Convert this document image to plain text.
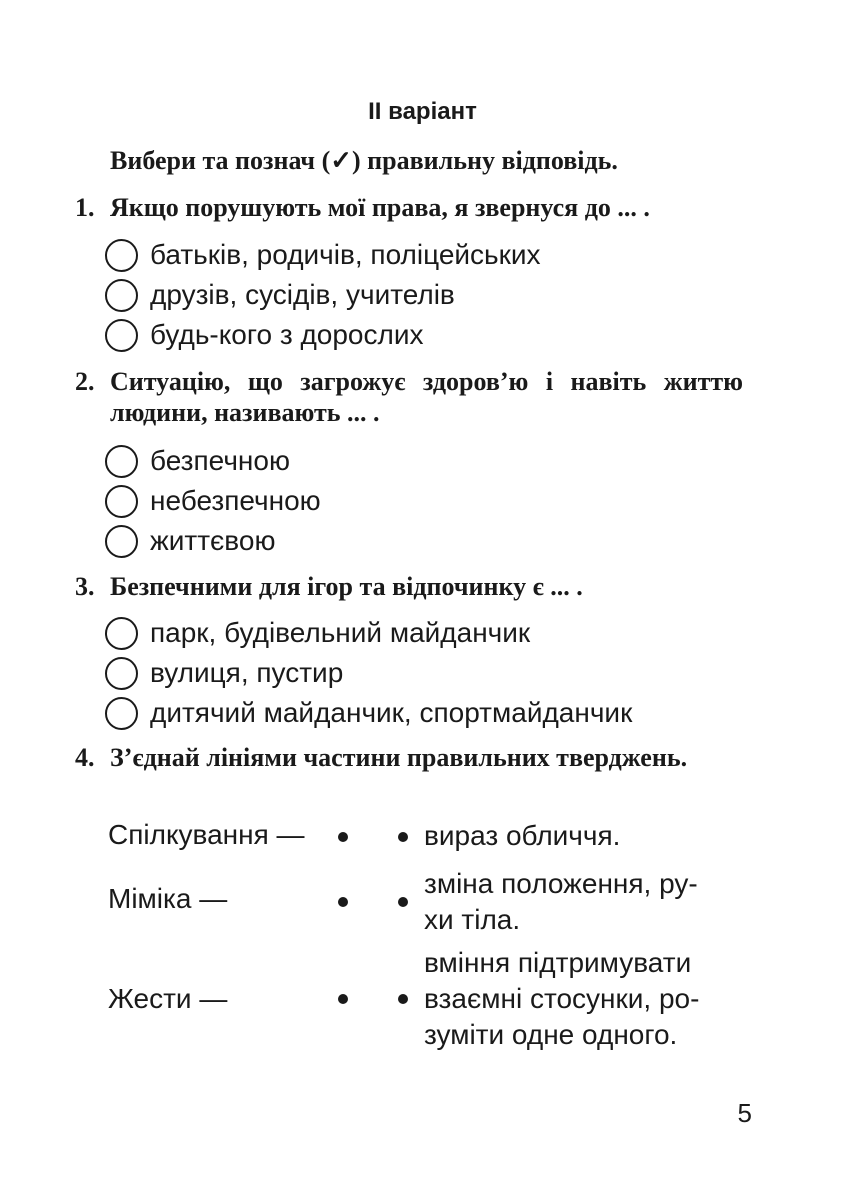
II варіант

Вибери та познач (✓) правильну відповідь.

1. Якщо порушують мої права, я звернуся до ... .
батьків, родичів, поліцейських
друзів, сусідів, учителів
будь-кого з дорослих
2. Ситуацію, що загрожує здоров’ю і навіть життю людини, називають ... .
безпечною
небезпечною
життєвою
3. Безпечними для ігор та відпочинку є ... .
парк, будівельний майданчик
вулиця, пустир
дитячий майданчик, спортмайданчик
4. З’єднай лініями частини правильних тверджень.
Спілкування —
Міміка —
Жести —
вираз обличчя.
зміна положення, ру-
хи тіла.
вміння підтримувати
взаємні стосунки, ро-
зуміти одне одного.
5
